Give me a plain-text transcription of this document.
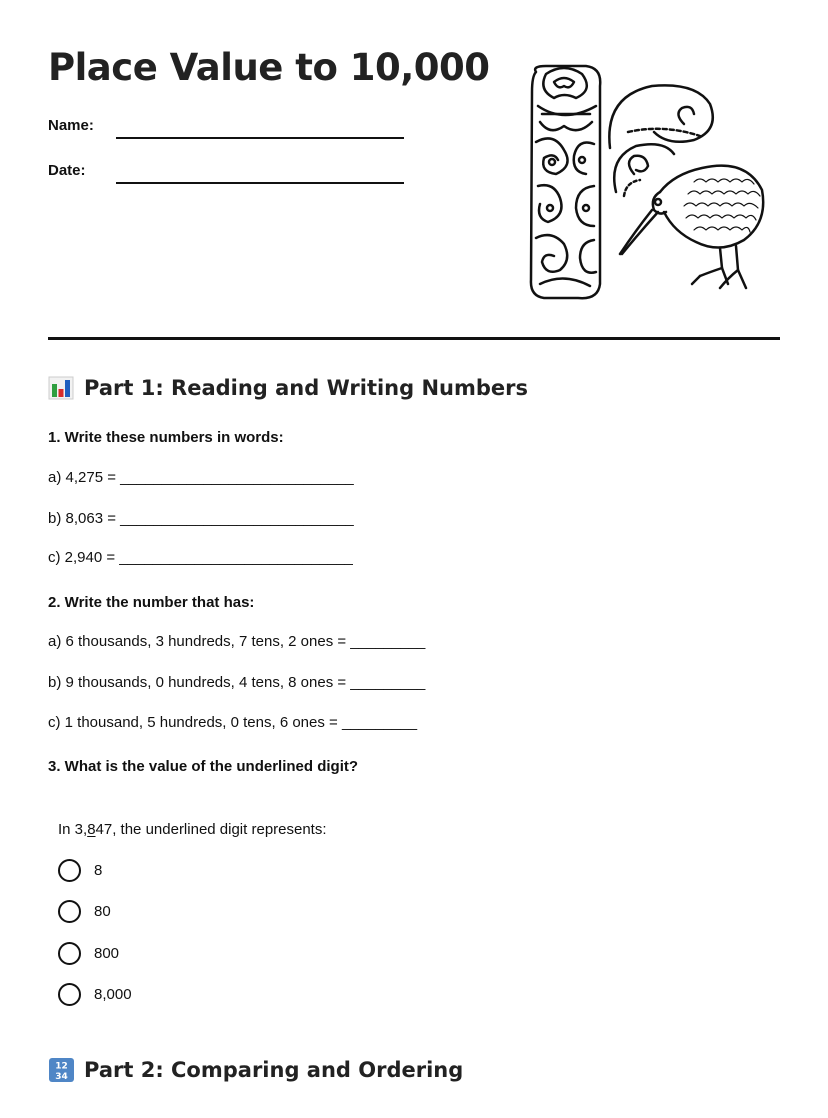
Place Value to 10,000
Name:
Date:
Part 1: Reading and Writing Numbers
1. Write these numbers in words:
a) 4,275 = ____________________________
b) 8,063 = ____________________________
c) 2,940 = ____________________________
2. Write the number that has:
a) 6 thousands, 3 hundreds, 7 tens, 2 ones = _________
b) 9 thousands, 0 hundreds, 4 tens, 8 ones = _________
c) 1 thousand, 5 hundreds, 0 tens, 6 ones = _________
3. What is the value of the underlined digit?
In 3,847, the underlined digit represents:
8
80
800
8,000
12
34 Part 2: Comparing and Ordering
